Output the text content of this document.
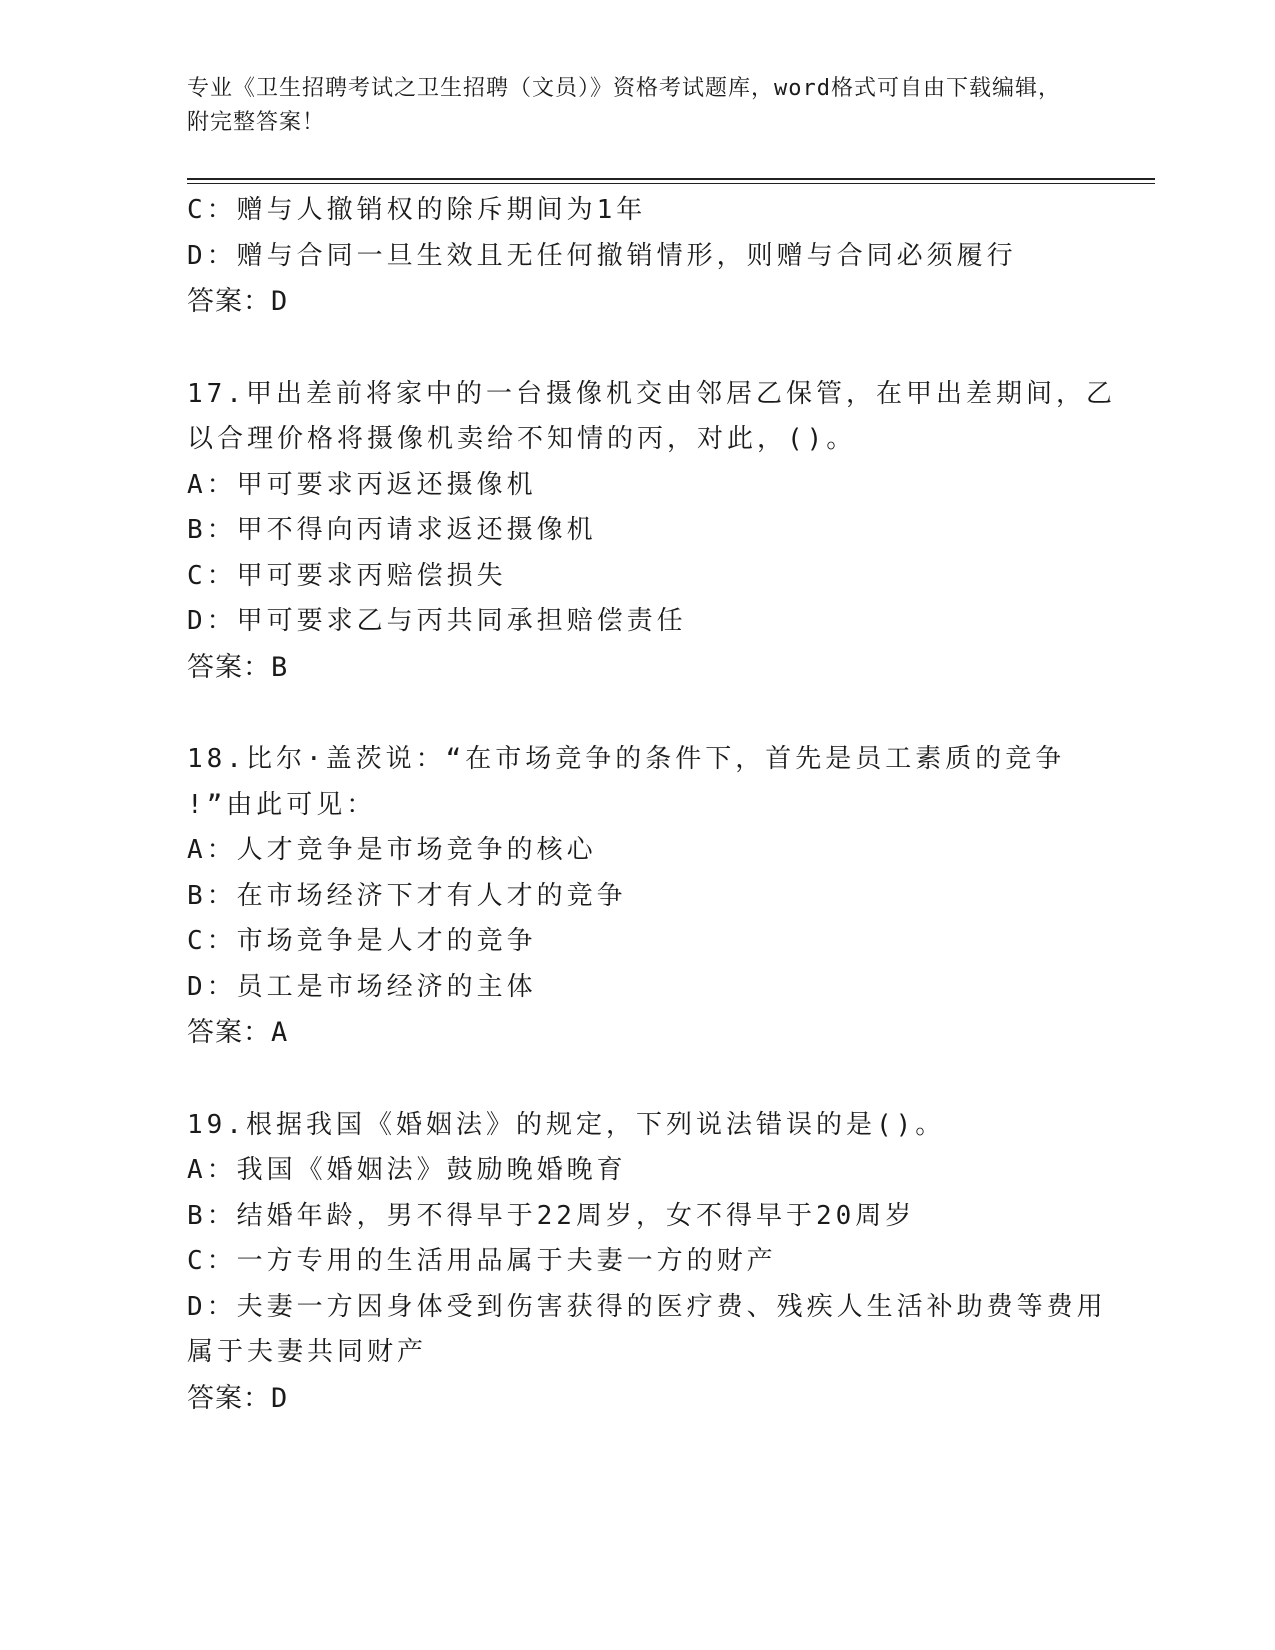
专业《卫生招聘考试之卫生招聘（文员）》资格考试题库，word格式可自由下载编辑，附完整答案！
C：赠与人撤销权的除斥期间为1年
D：赠与合同一旦生效且无任何撤销情形，则赠与合同必须履行
答案：D
17.甲出差前将家中的一台摄像机交由邻居乙保管，在甲出差期间，乙
以合理价格将摄像机卖给不知情的丙，对此，()。
A：甲可要求丙返还摄像机
B：甲不得向丙请求返还摄像机
C：甲可要求丙赔偿损失
D：甲可要求乙与丙共同承担赔偿责任
答案：B
18.比尔·盖茨说：“在市场竞争的条件下，首先是员工素质的竞争
!”由此可见：
A：人才竞争是市场竞争的核心
B：在市场经济下才有人才的竞争
C：市场竞争是人才的竞争
D：员工是市场经济的主体
答案：A
19.根据我国《婚姻法》的规定，下列说法错误的是()。
A：我国《婚姻法》鼓励晚婚晚育
B：结婚年龄，男不得早于22周岁，女不得早于20周岁
C：一方专用的生活用品属于夫妻一方的财产
D：夫妻一方因身体受到伤害获得的医疗费、残疾人生活补助费等费用
属于夫妻共同财产
答案：D
